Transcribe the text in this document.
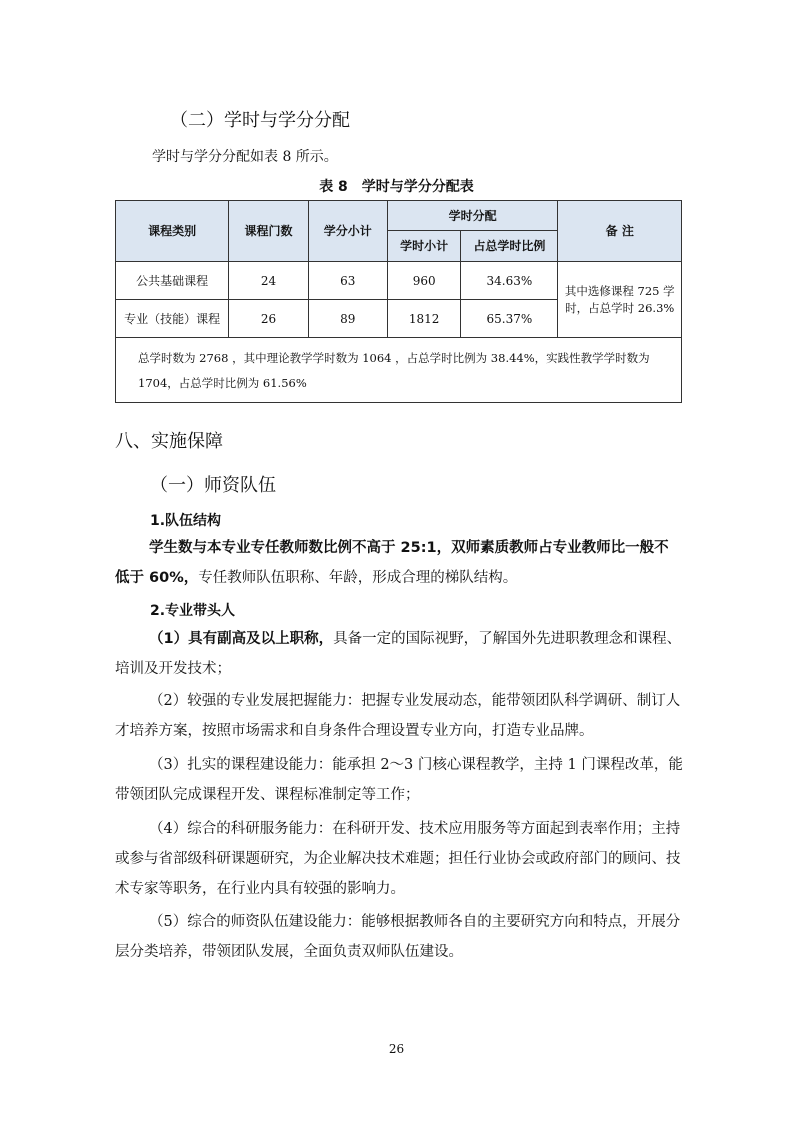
（二）学时与学分分配
学时与学分分配如表 8 所示。
表 8　学时与学分分配表
课程类别	课程门数	学分小计	学时分配		备 注
			学时小计	占总学时比例	
公共基础课程	24	63	960	34.63%	其中选修课程 725 学时，占总学时 26.3%
专业（技能）课程	26	89	1812	65.37%	
总学时数为 2768 ，其中理论教学学时数为 1064 ，占总学时比例为 38.44%，实践性教学学时数为 1704，占总学时比例为 61.56%					
八、实施保障
（一）师资队伍
1.队伍结构
学生数与本专业专任教师数比例不高于 25:1，双师素质教师占专业教师比一般不低于 60%，专任教师队伍职称、年龄，形成合理的梯队结构。
2.专业带头人
（1）具有副高及以上职称，具备一定的国际视野，了解国外先进职教理念和课程、培训及开发技术；
（2）较强的专业发展把握能力：把握专业发展动态，能带领团队科学调研、制订人才培养方案，按照市场需求和自身条件合理设置专业方向，打造专业品牌。
（3）扎实的课程建设能力：能承担 2～3 门核心课程教学，主持 1 门课程改革，能带领团队完成课程开发、课程标准制定等工作；
（4）综合的科研服务能力：在科研开发、技术应用服务等方面起到表率作用；主持或参与省部级科研课题研究，为企业解决技术难题；担任行业协会或政府部门的顾问、技术专家等职务，在行业内具有较强的影响力。
（5）综合的师资队伍建设能力：能够根据教师各自的主要研究方向和特点，开展分层分类培养，带领团队发展，全面负责双师队伍建设。
26
